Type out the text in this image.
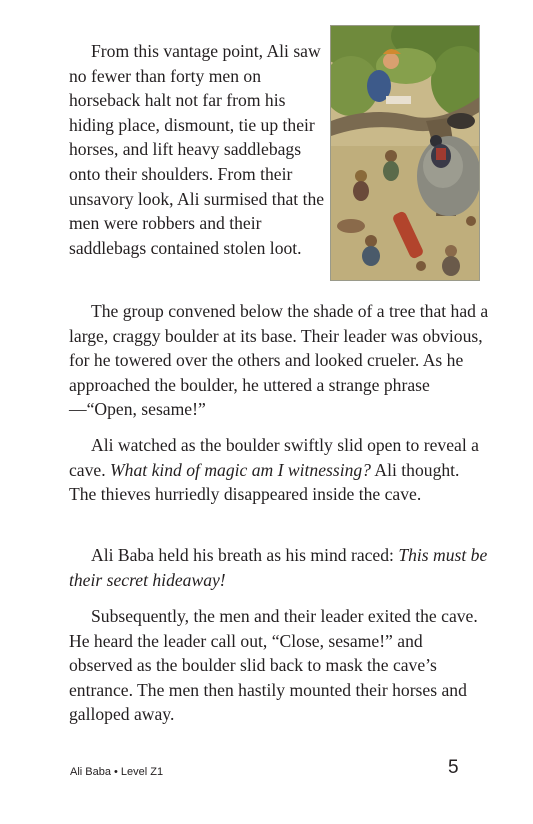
From this vantage point, Ali saw no fewer than forty men on horseback halt not far from his hiding place, dismount, tie up their horses, and lift heavy saddlebags onto their shoulders. From their unsavory look, Ali surmised that the men were robbers and their saddlebags contained stolen loot.

The group convened below the shade of a tree that had a large, craggy boulder at its base. Their leader was obvious, for he towered over the others and looked crueler. As he approached the boulder, he uttered a strange phrase—“Open, sesame!”

Ali watched as the boulder swiftly slid open to reveal a cave. What kind of magic am I witnessing? Ali thought. The thieves hurriedly disappeared inside the cave.

Ali Baba held his breath as his mind raced: This must be their secret hideaway!

Subsequently, the men and their leader exited the cave. He heard the leader call out, “Close, sesame!” and observed as the boulder slid back to mask the cave’s entrance. The men then hastily mounted their horses and galloped away.

Ali Baba • Level Z1	5
